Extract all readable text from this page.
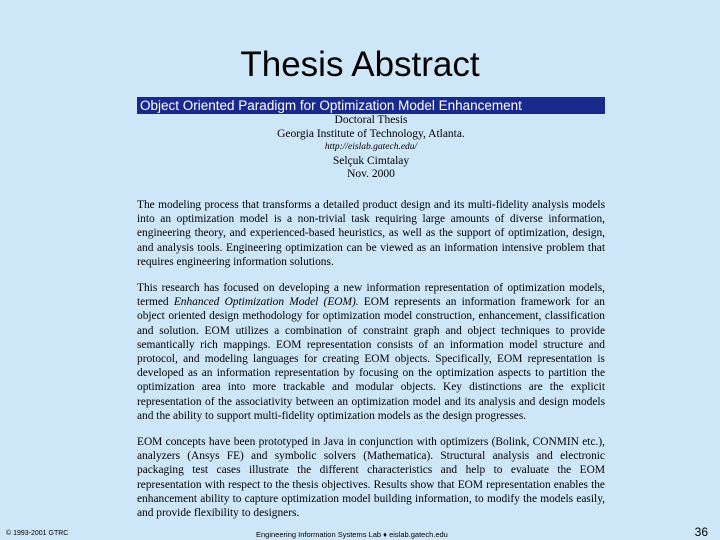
Thesis Abstract
Object Oriented Paradigm for Optimization Model Enhancement
Doctoral Thesis
Georgia Institute of Technology, Atlanta.
http://eislab.gatech.edu/
Selçuk Cimtalay
Nov. 2000

The modeling process that transforms a detailed product design and its multi-fidelity analysis models into an optimization model is a non-trivial task requiring large amounts of diverse information, engineering theory, and experienced-based heuristics, as well as the support of optimization, design, and analysis tools. Engineering optimization can be viewed as an information intensive problem that requires engineering information solutions.

This research has focused on developing a new information representation of optimization models, termed Enhanced Optimization Model (EOM). EOM represents an information framework for an object oriented design methodology for optimization model construction, enhancement, classification and solution. EOM utilizes a combination of constraint graph and object techniques to provide semantically rich mappings. EOM representation consists of an information model structure and protocol, and modeling languages for creating EOM objects. Specifically, EOM representation is developed as an information representation by focusing on the optimization aspects to partition the optimization area into more trackable and modular objects. Key distinctions are the explicit representation of the associativity between an optimization model and its analysis and design models and the ability to support multi-fidelity optimization models as the design progresses.

EOM concepts have been prototyped in Java in conjunction with optimizers (Bolink, CONMIN etc.), analyzers (Ansys FE) and symbolic solvers (Mathematica). Structural analysis and electronic packaging test cases illustrate the different characteristics and help to evaluate the EOM representation with respect to the thesis objectives. Results show that EOM representation enables the enhancement ability to capture optimization model building information, to modify the models easily, and provide flexibility to designers.

© 1993-2001 GTRC	Engineering Information Systems Lab ♦ eislab.gatech.edu	36
